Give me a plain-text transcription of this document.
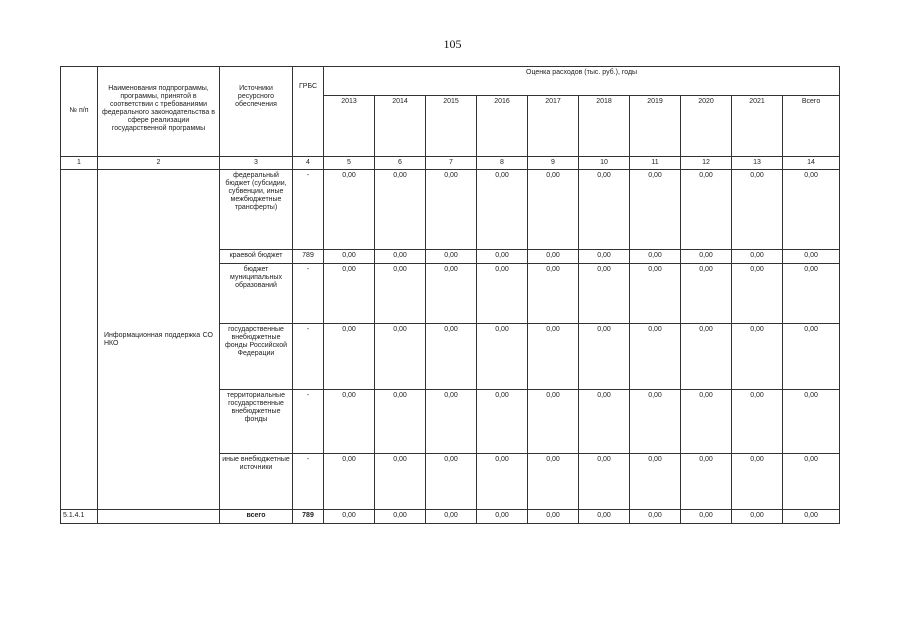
105
№ п/п	Наименования подпрограммы, программы, принятой в соответствии с требованиями федерального законодательства в сфере реализации государственной программы	Источники ресурсного обеспечения	ГРБС	Оценка расходов (тыс. руб.), годы									
				2013	2014	2015	2016	2017	2018	2019	2020	2021	Всего
1	2	3	4	5	6	7	8	9	10	11	12	13	14
	Информационная поддержка СО НКО	федеральный бюджет (субсидии, субвенции, иные межбюджетные трансферты)	-	0,00	0,00	0,00	0,00	0,00	0,00	0,00	0,00	0,00	0,00
		краевой бюджет	789	0,00	0,00	0,00	0,00	0,00	0,00	0,00	0,00	0,00	0,00
		бюджет муниципальных образований	-	0,00	0,00	0,00	0,00	0,00	0,00	0,00	0,00	0,00	0,00
		государственные внебюджетные фонды Российской Федерации	-	0,00	0,00	0,00	0,00	0,00	0,00	0,00	0,00	0,00	0,00
		территориальные государственные внебюджетные фонды	-	0,00	0,00	0,00	0,00	0,00	0,00	0,00	0,00	0,00	0,00
		иные внебюджетные источники	-	0,00	0,00	0,00	0,00	0,00	0,00	0,00	0,00	0,00	0,00
5.1.4.1		всего	789	0,00	0,00	0,00	0,00	0,00	0,00	0,00	0,00	0,00	0,00
